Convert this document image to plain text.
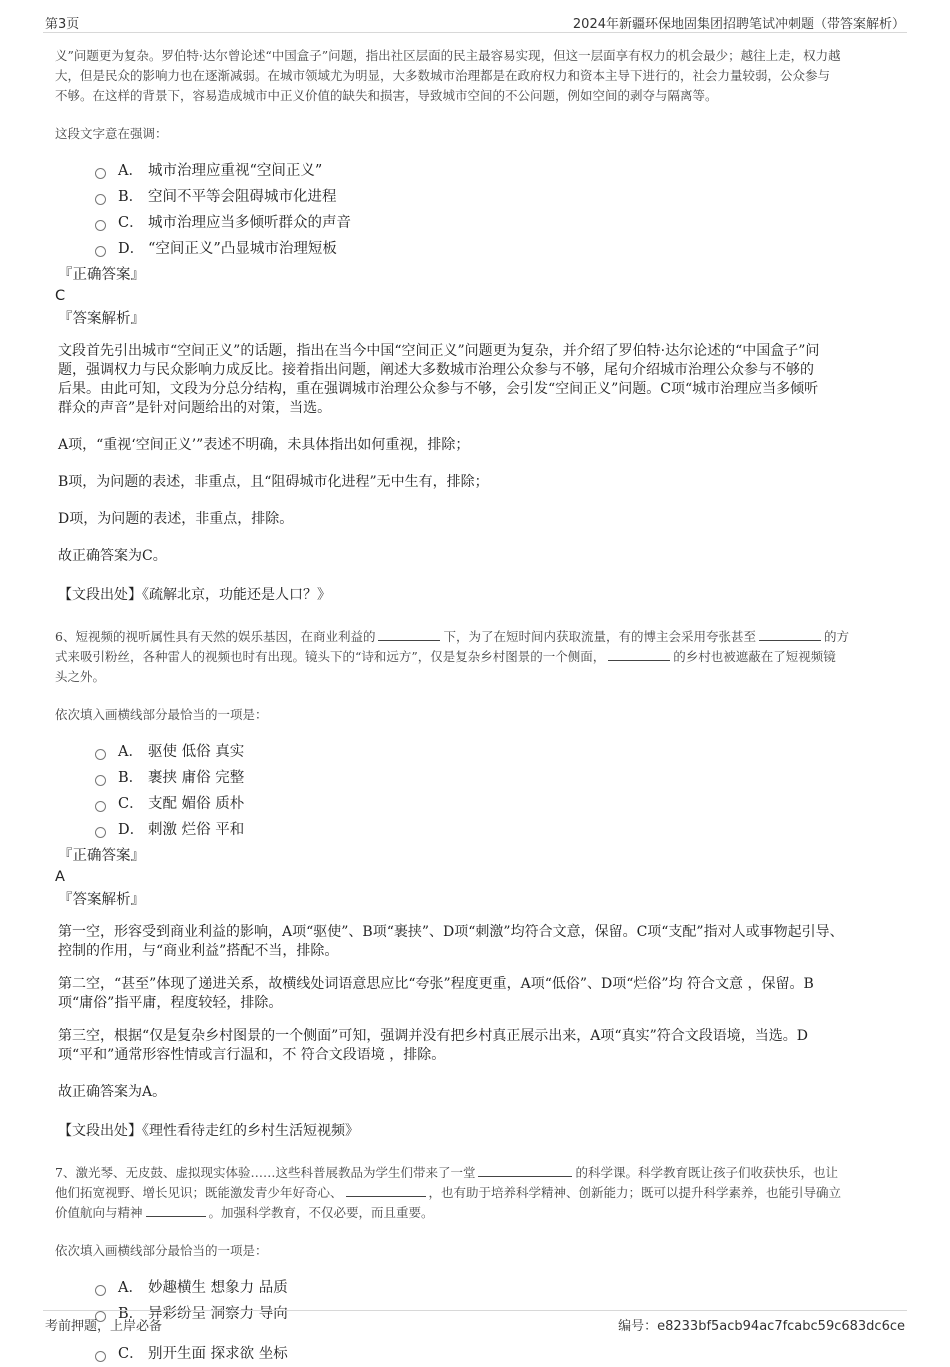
第3页	2024年新疆环保地固集团招聘笔试冲刺题（带答案解析）

义”问题更为复杂。罗伯特·达尔曾论述“中国盒子”问题，指出社区层面的民主最容易实现，但这一层面享有权力的机会最少；越往上走，权力越

大，但是民众的影响力也在逐渐减弱。在城市领域尤为明显，大多数城市治理都是在政府权力和资本主导下进行的，社会力量较弱，公众参与

不够。在这样的背景下，容易造成城市中正义价值的缺失和损害，导致城市空间的不公问题，例如空间的剥夺与隔离等。

这段文字意在强调：

A． 城市治理应重视“空间正义”
B． 空间不平等会阻碍城市化进程
C． 城市治理应当多倾听群众的声音
D． “空间正义”凸显城市治理短板
『正确答案』
C
『答案解析』
文段首先引出城市“空间正义”的话题，指出在当今中国“空间正义”问题更为复杂，并介绍了罗伯特·达尔论述的“中国盒子”问
题，强调权力与民众影响力成反比。接着指出问题，阐述大多数城市治理公众参与不够，尾句介绍城市治理公众参与不够的
后果。由此可知，文段为分总分结构，重在强调城市治理公众参与不够，会引发“空间正义”问题。C项“城市治理应当多倾听
群众的声音”是针对问题给出的对策，当选。
A项，“重视‘空间正义’”表述不明确，未具体指出如何重视，排除；
B项，为问题的表述，非重点，且“阻碍城市化进程”无中生有，排除；
D项，为问题的表述，非重点，排除。
故正确答案为C。
【文段出处】《疏解北京，功能还是人口？》

6、短视频的视听属性具有天然的娱乐基因，在商业利益的	下，为了在短时间内获取流量，有的博主会采用夸张甚至	的方
式来吸引粉丝，各种雷人的视频也时有出现。镜头下的“诗和远方”，仅是复杂乡村图景的一个侧面，	的乡村也被遮蔽在了短视频镜
头之外。

依次填入画横线部分最恰当的一项是：

A． 驱使 低俗 真实
B． 裹挟 庸俗 完整
C． 支配 媚俗 质朴
D． 刺激 烂俗 平和
『正确答案』
A
『答案解析』
第一空，形容受到商业利益的影响，A项“驱使”、B项“裹挟”、D项“刺激”均符合文意，保留。C项“支配”指对人或事物起引导、
控制的作用，与“商业利益”搭配不当，排除。
第二空，“甚至”体现了递进关系，故横线处词语意思应比“夸张”程度更重，A项“低俗”、D项“烂俗”均 符合文意 ，保留。B
项“庸俗”指平庸，程度较轻，排除。
第三空，根据“仅是复杂乡村图景的一个侧面”可知，强调并没有把乡村真正展示出来，A项“真实”符合文段语境，当选。D
项“平和”通常形容性情或言行温和，不 符合文段语境 ，排除。
故正确答案为A。
【文段出处】《理性看待走红的乡村生活短视频》

7、激光琴、无皮鼓、虚拟现实体验……这些科普展教品为学生们带来了一堂	的科学课。科学教育既让孩子们收获快乐，也让
他们拓宽视野、增长见识；既能激发青少年好奇心、	，也有助于培养科学精神、创新能力；既可以提升科学素养，也能引导确立
价值航向与精神	。加强科学教育，不仅必要，而且重要。

依次填入画横线部分最恰当的一项是：

A． 妙趣横生 想象力 品质
B． 异彩纷呈 洞察力 导向
C． 别开生面 探求欲 坐标
考前押题，上岸必备	编号：e8233bf5acb94ac7fcabc59c683dc6ce
